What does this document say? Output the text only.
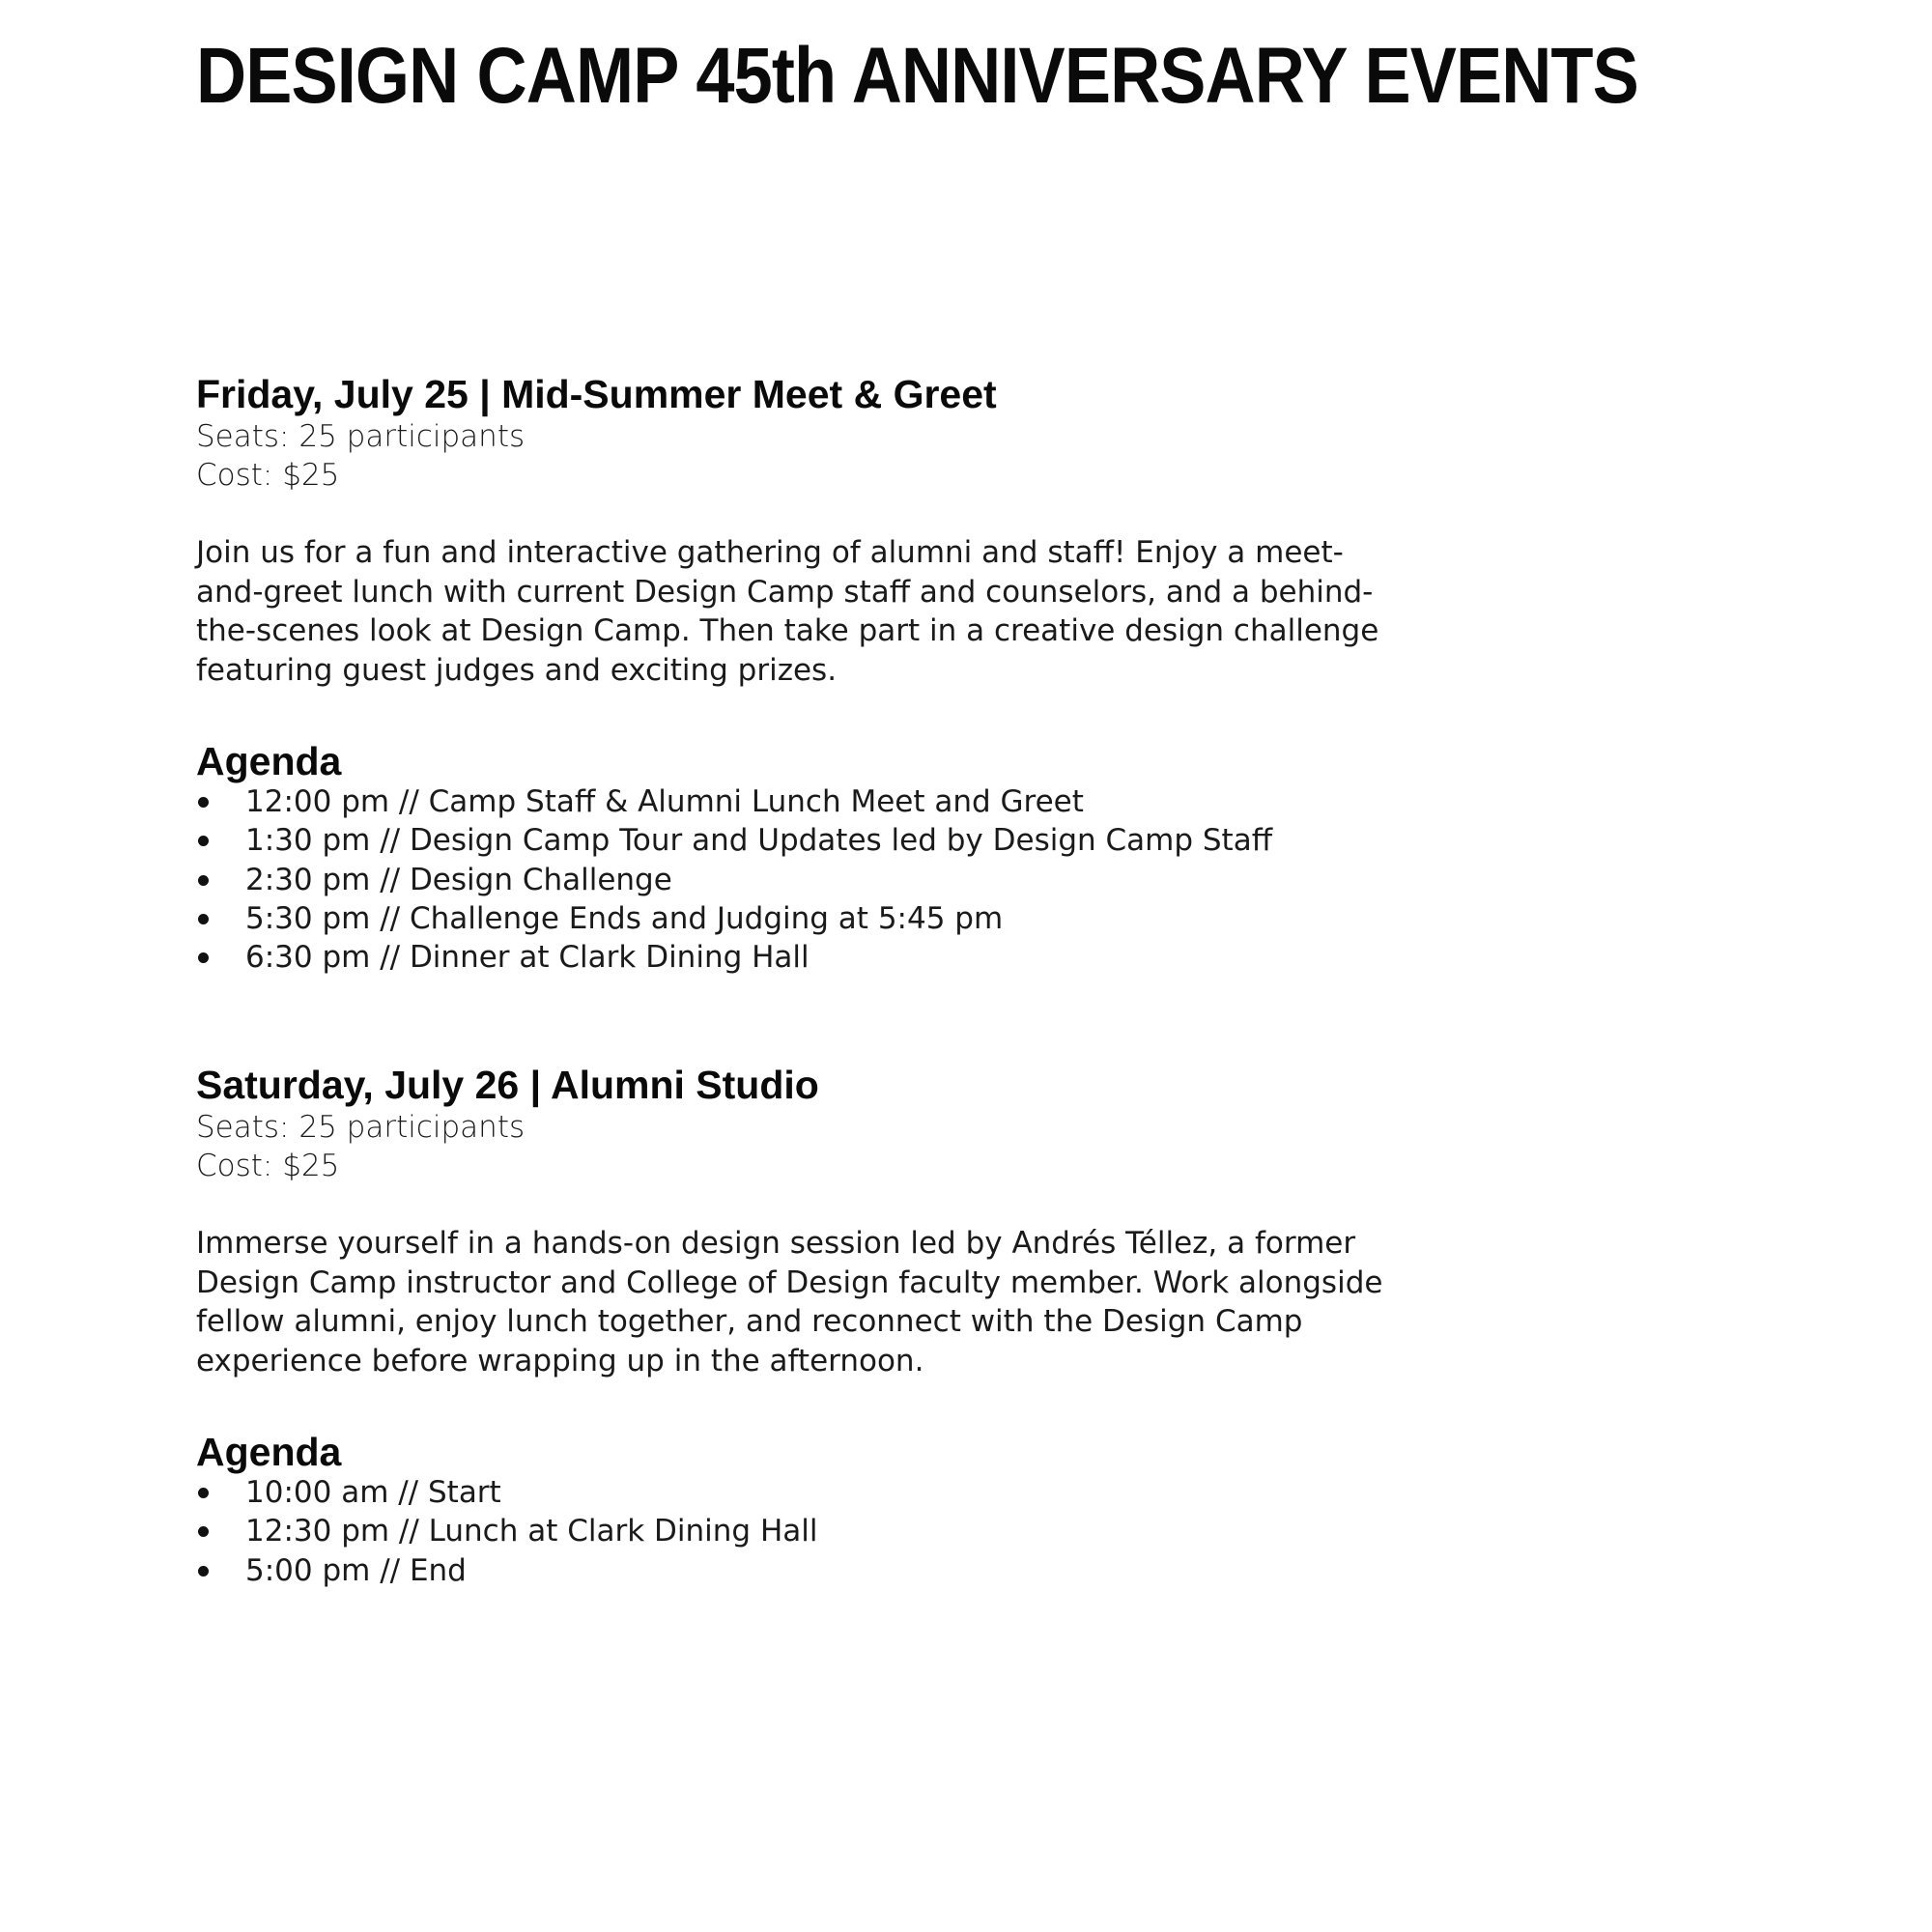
DESIGN CAMP 45th ANNIVERSARY EVENTS
Friday, July 25 | Mid-Summer Meet & Greet

Seats: 25 participants

Cost: $25

Join us for a fun and interactive gathering of alumni and staff! Enjoy a meet-and-greet lunch with current Design Camp staff and counselors, and a behind-the-scenes look at Design Camp. Then take part in a creative design challenge featuring guest judges and exciting prizes.

Agenda
12:00 pm // Camp Staff & Alumni Lunch Meet and Greet
1:30 pm // Design Camp Tour and Updates led by Design Camp Staff
2:30 pm // Design Challenge
5:30 pm // Challenge Ends and Judging at 5:45 pm
6:30 pm // Dinner at Clark Dining Hall
Saturday, July 26 | Alumni Studio

Seats: 25 participants

Cost: $25

Immerse yourself in a hands-on design session led by Andrés Téllez, a former Design Camp instructor and College of Design faculty member. Work alongside fellow alumni, enjoy lunch together, and reconnect with the Design Camp experience before wrapping up in the afternoon.

Agenda
10:00 am // Start
12:30 pm // Lunch at Clark Dining Hall
5:00 pm // End
